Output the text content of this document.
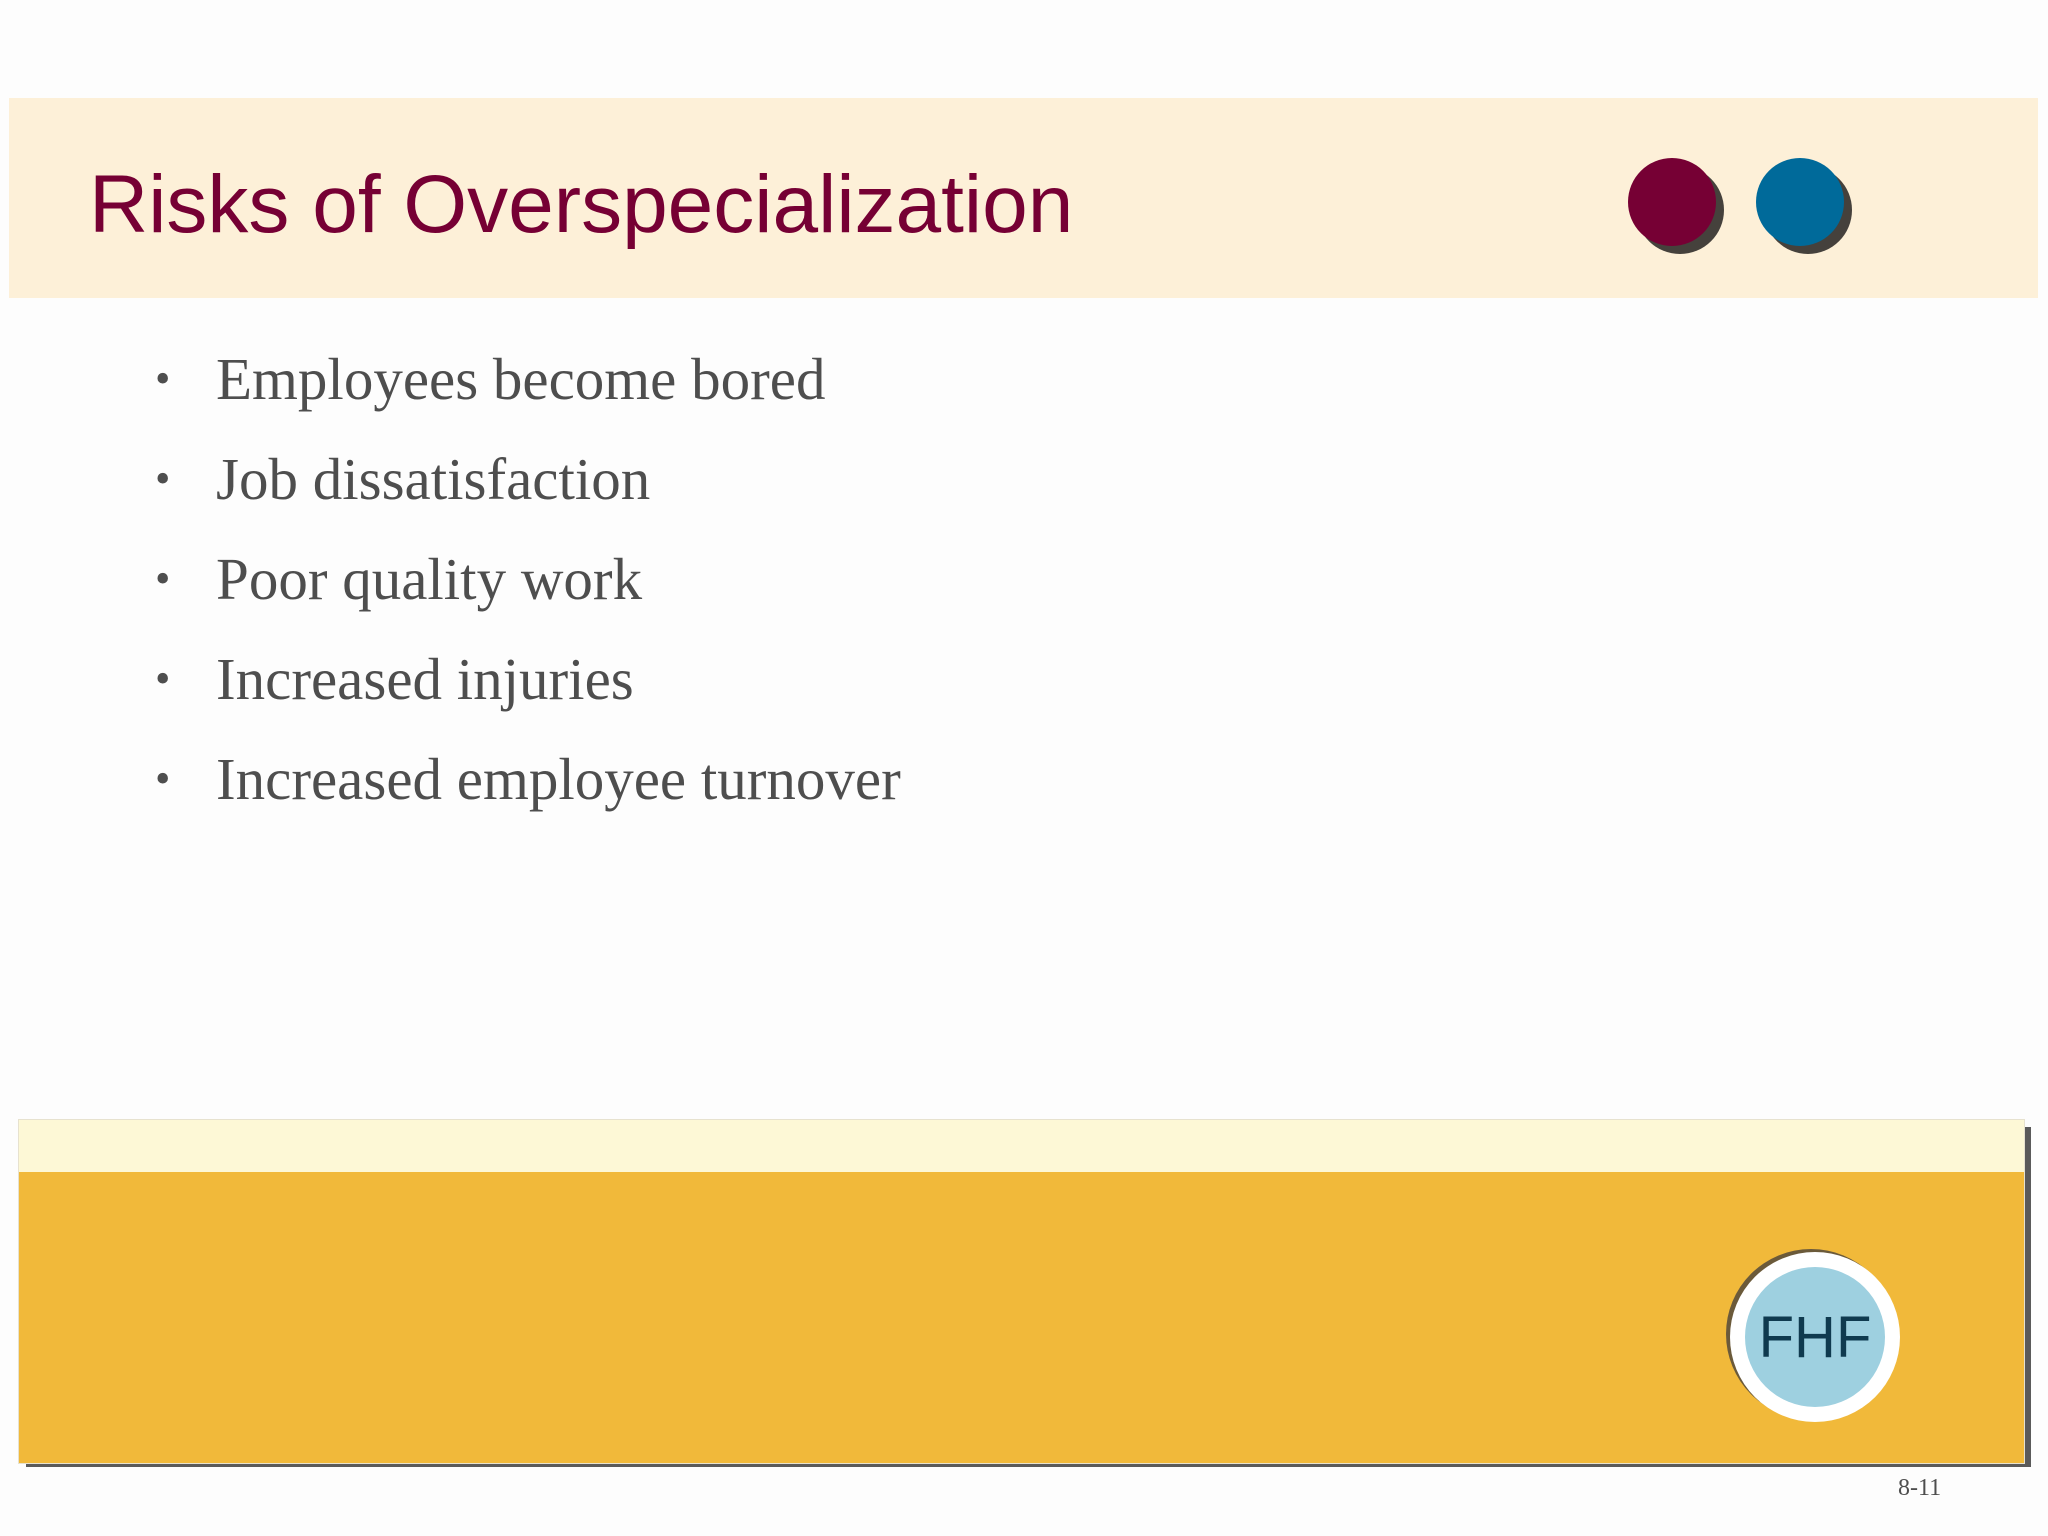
Risks of Overspecialization
• Employees become bored
• Job dissatisfaction
• Poor quality work
• Increased injuries
• Increased employee turnover
FHF
8-11
